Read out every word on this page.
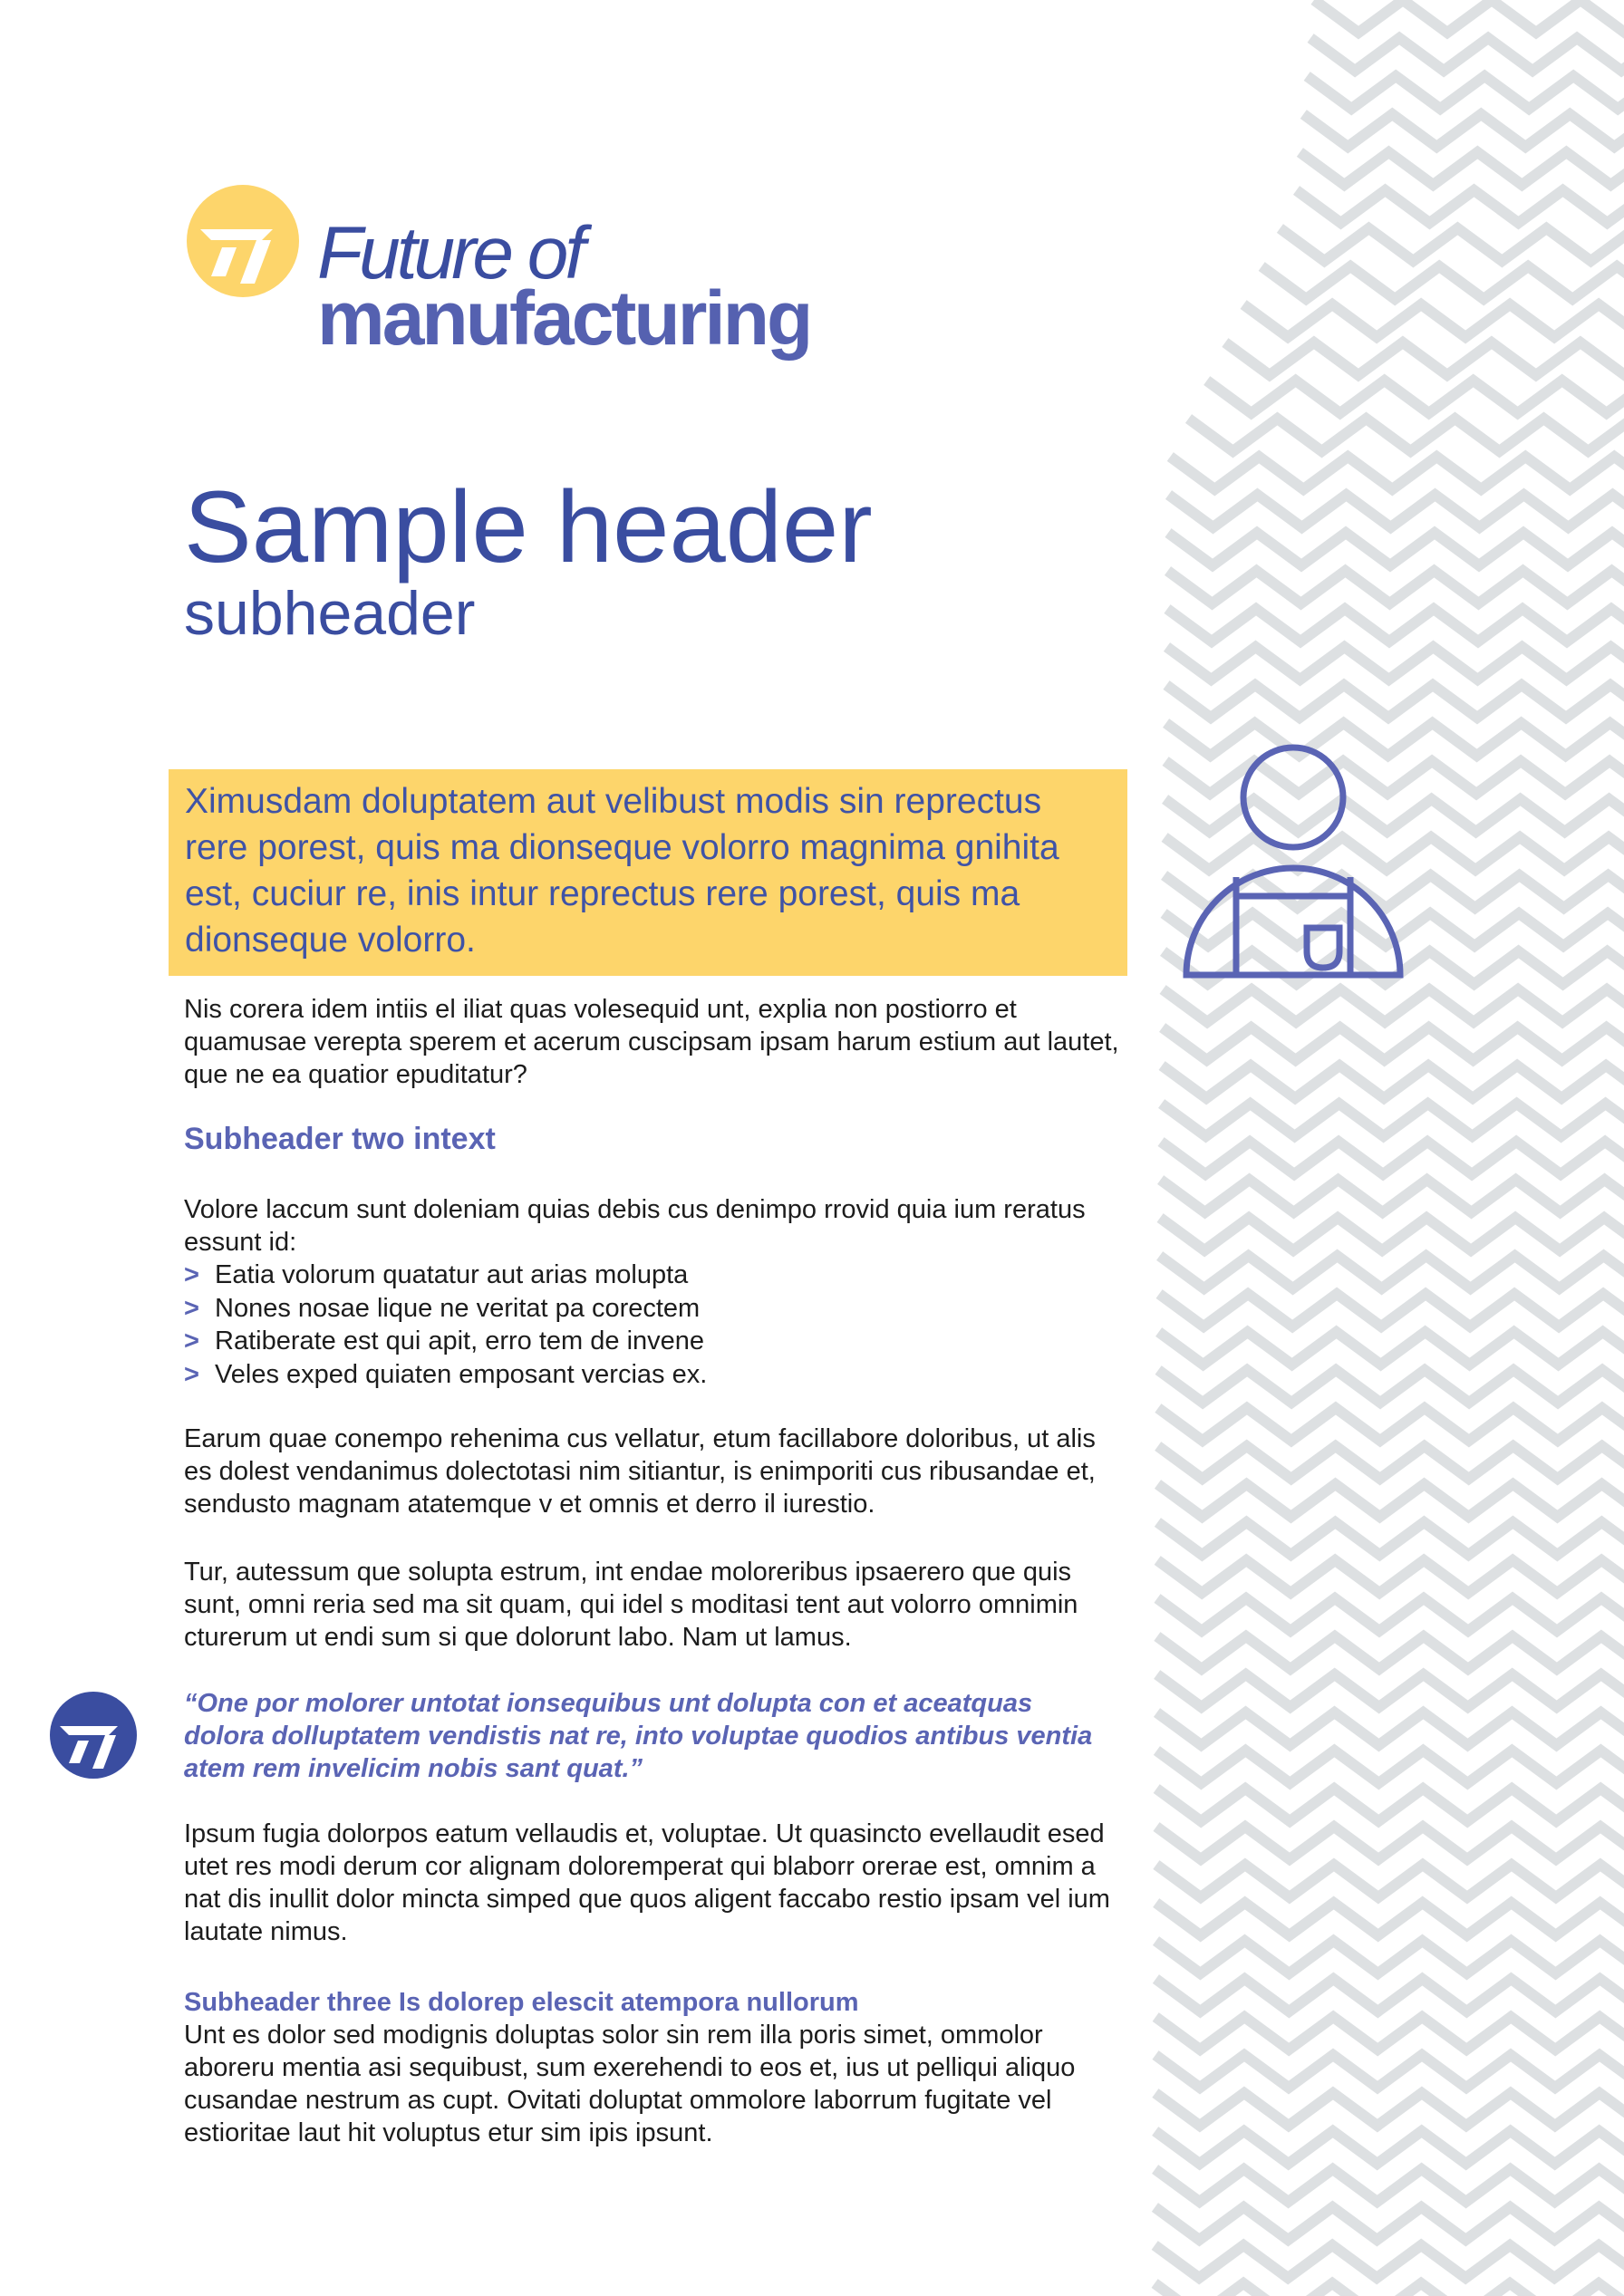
Future of
manufacturing
Sample header
subheader

Ximusdam doluptatem aut velibust modis sin reprectus rere porest, quis ma dionseque volorro magnima gnihita est, cuciur re, inis intur reprectus rere porest, quis ma dionseque volorro.

Nis corera idem intiis el iliat quas volesequid unt, explia non postiorro et quamusae verepta sperem et acerum cuscipsam ipsam harum estium aut lautet, que ne ea quatior epuditatur?

Subheader two intext

Volore laccum sunt doleniam quias debis cus denimpo rrovid quia ium reratus essunt id:

> Eatia volorum quatatur aut arias molupta
> Nones nosae lique ne veritat pa corectem
> Ratiberate est qui apit, erro tem de invene
> Veles exped quiaten emposant vercias ex.

Earum quae conempo rehenima cus vellatur, etum facillabore doloribus, ut alis es dolest vendanimus dolectotasi nim sitiantur, is enimporiti cus ribusandae et, sendusto magnam atatemque v et omnis et derro il iurestio.

Tur, autessum que solupta estrum, int endae moloreribus ipsaerero que quis sunt, omni reria sed ma sit quam, qui idel s moditasi tent aut volorro omnimin cturerum ut endi sum si que dolorunt labo. Nam ut lamus.

“One por molorer untotat ionsequibus unt dolupta con et aceatquas dolora dolluptatem vendistis nat re, into voluptae quodios antibus ventia atem rem invelicim nobis sant quat.”

Ipsum fugia dolorpos eatum vellaudis et, voluptae. Ut quasincto evellaudit esed utet res modi derum cor alignam doloremperat qui blaborr orerae est, omnim a nat dis inullit dolor mincta simped que quos aligent faccabo restio ipsam vel ium lautate nimus.

Subheader three Is dolorep elescit atempora nullorum

Unt es dolor sed modignis doluptas solor sin rem illa poris simet, ommolor aboreru mentia asi sequibust, sum exerehendi to eos et, ius ut pelliqui aliquo cusandae nestrum as cupt. Ovitati doluptat ommolore laborrum fugitate vel estioritae laut hit voluptus etur sim ipis ipsunt.
